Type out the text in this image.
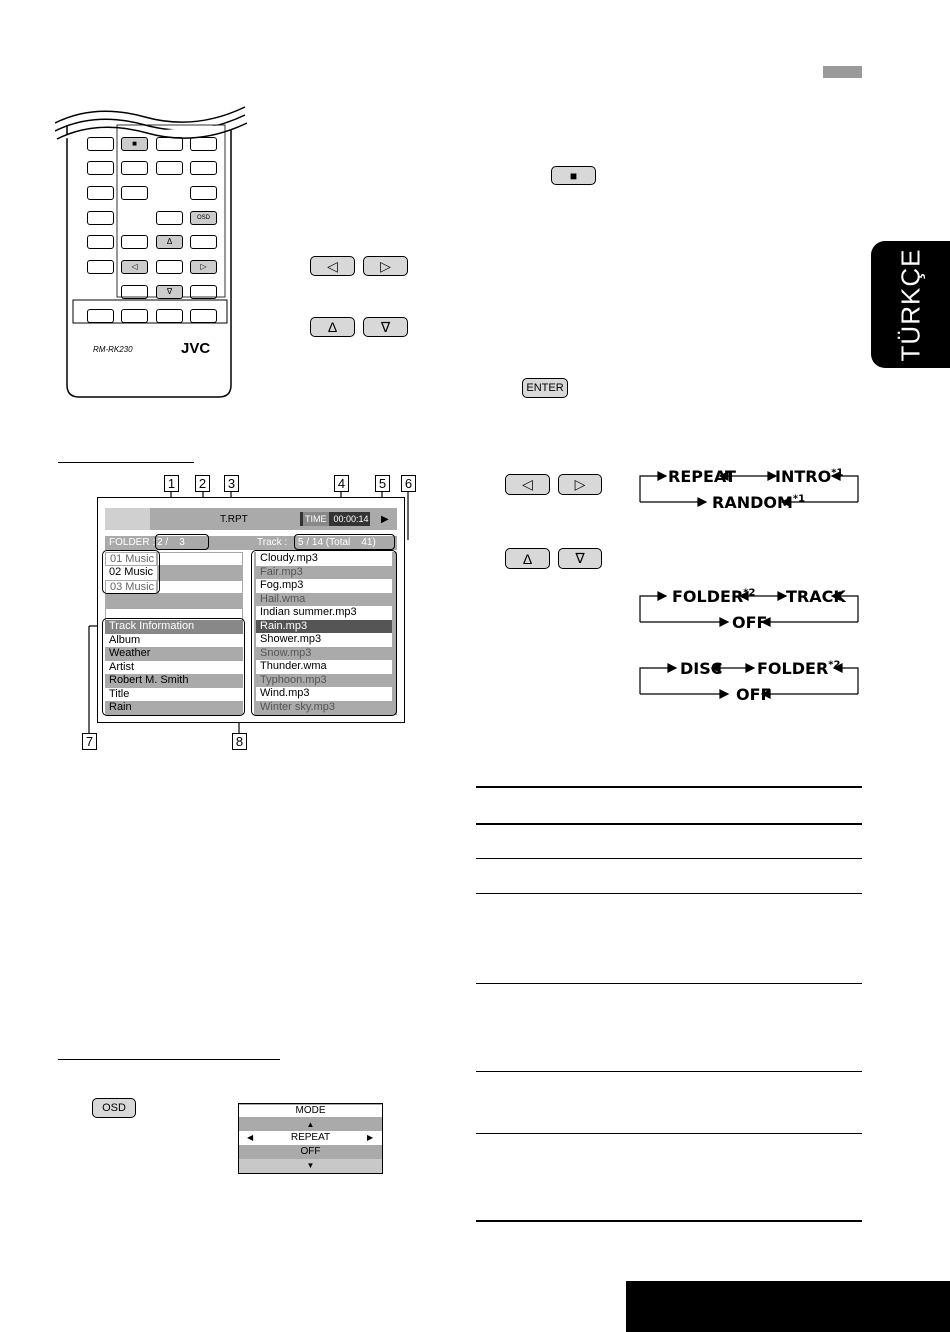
TÜRKÇE
■
OSD
Δ
◁	▷
∇
RM-RK230	JVC
■
◁	▷
Δ	∇
ENTER
1 2 3	4	5 6
7	8
T.RPT	TIME 00:00:14 ▶
FOLDER : 2 /    3	Track : 5 / 14 (Total    41)
01 Music
02 Music
03 Music
Track Information
Album
Weather
Artist
Robert M. Smith
Title
Rain
Cloudy.mp3
Fair.mp3
Fog.mp3
Hail.wma
Indian summer.mp3
Rain.mp3
Shower.mp3
Snow.mp3
Thunder.wma
Typhoon.mp3
Wind.mp3
Winter sky.mp3
◁	▷
Δ	∇
REPEAT INTRO$^{*1}$
RANDOM$^{*1}$
FOLDER$^{*2}$ TRACK
OFF
DISC FOLDER$^{*2}$
OFF
OSD	MODE
▲
◀	REPEAT	▶
OFF
▼
